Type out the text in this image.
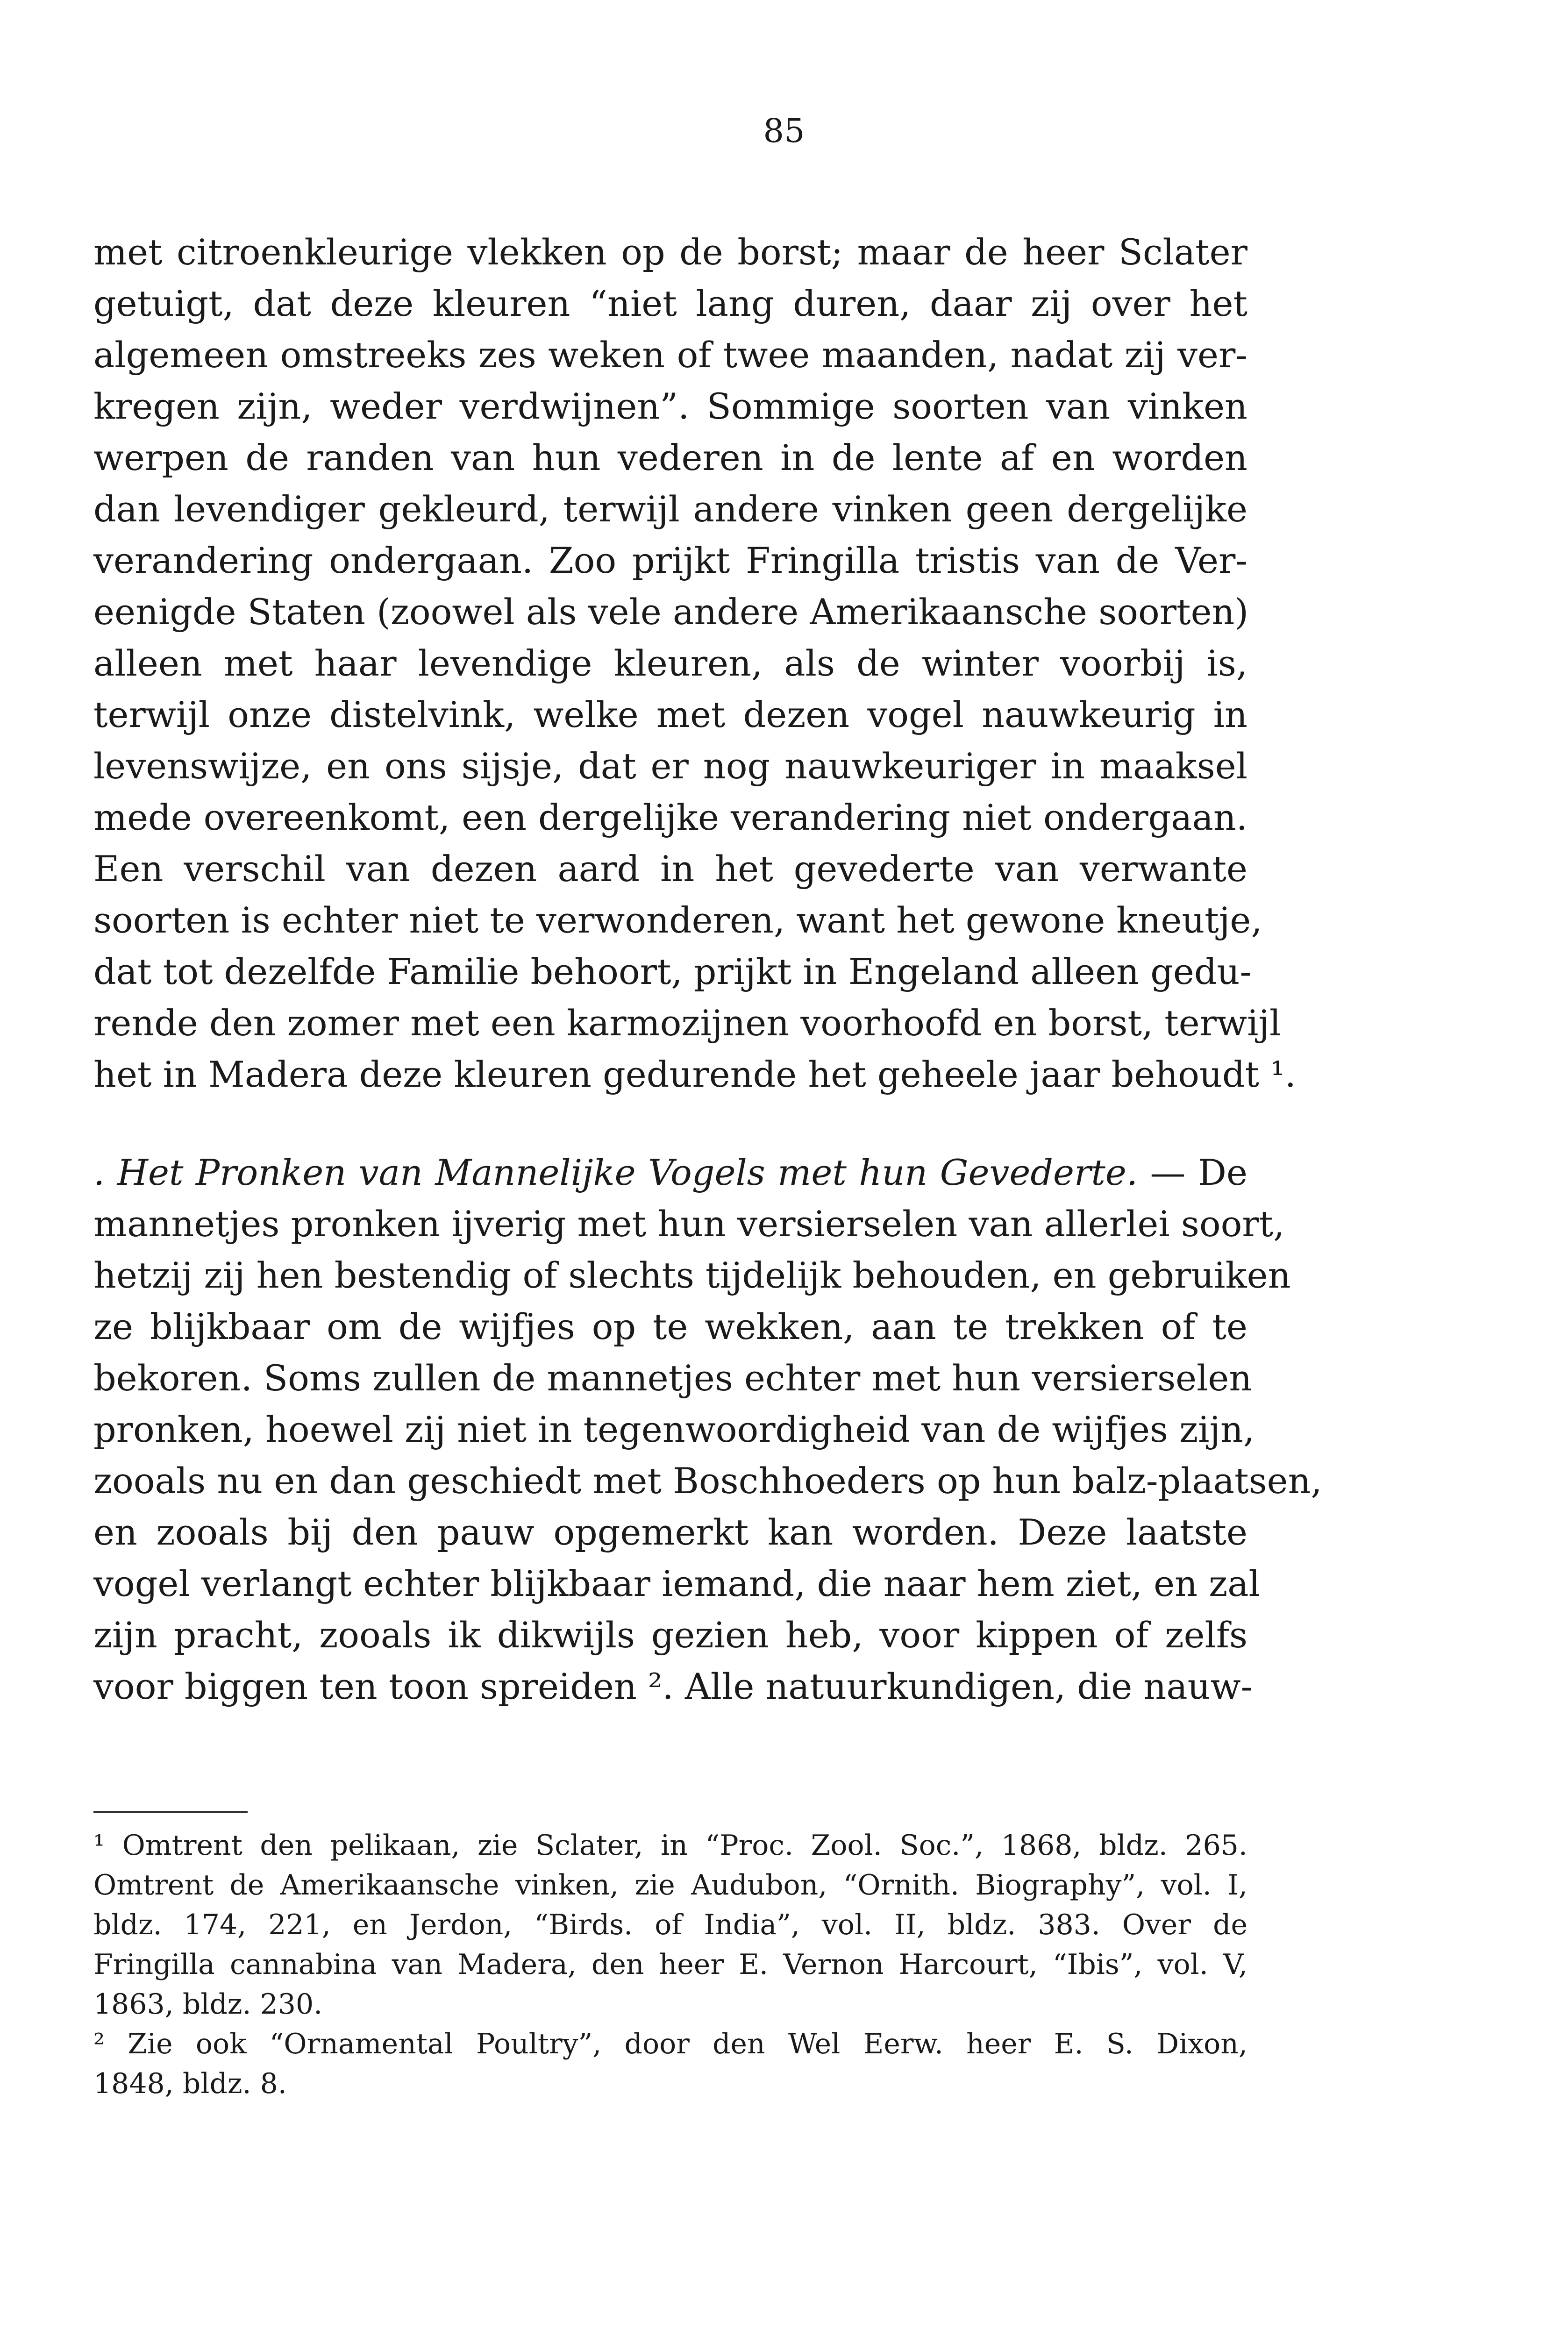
85
met citroenkleurige vlekken op de borst; maar de heer Sclater
getuigt, dat deze kleuren “niet lang duren, daar zij over het
algemeen omstreeks zes weken of twee maanden, nadat zij ver-
kregen zijn, weder verdwijnen”. Sommige soorten van vinken
werpen de randen van hun vederen in de lente af en worden
dan levendiger gekleurd, terwijl andere vinken geen dergelijke
verandering ondergaan. Zoo prijkt Fringilla tristis van de Ver-
eenigde Staten (zoowel als vele andere Amerikaansche soorten)
alleen met haar levendige kleuren, als de winter voorbij is,
terwijl onze distelvink, welke met dezen vogel nauwkeurig in
levenswijze, en ons sijsje, dat er nog nauwkeuriger in maaksel
mede overeenkomt, een dergelijke verandering niet ondergaan.
Een verschil van dezen aard in het gevederte van verwante
soorten is echter niet te verwonderen, want het gewone kneutje,
dat tot dezelfde Familie behoort, prijkt in Engeland alleen gedu-
rende den zomer met een karmozijnen voorhoofd en borst, terwijl
het in Madera deze kleuren gedurende het geheele jaar behoudt ¹.
. Het Pronken van Mannelijke Vogels met hun Gevederte. — De
mannetjes pronken ijverig met hun versierselen van allerlei soort,
hetzij zij hen bestendig of slechts tijdelijk behouden, en gebruiken
ze blijkbaar om de wijfjes op te wekken, aan te trekken of te
bekoren. Soms zullen de mannetjes echter met hun versierselen
pronken, hoewel zij niet in tegenwoordigheid van de wijfjes zijn,
zooals nu en dan geschiedt met Boschhoeders op hun balz-plaatsen,
en zooals bij den pauw opgemerkt kan worden. Deze laatste
vogel verlangt echter blijkbaar iemand, die naar hem ziet, en zal
zijn pracht, zooals ik dikwijls gezien heb, voor kippen of zelfs
voor biggen ten toon spreiden ². Alle natuurkundigen, die nauw-
¹ Omtrent den pelikaan, zie Sclater, in “Proc. Zool. Soc.”, 1868, bldz. 265.
Omtrent de Amerikaansche vinken, zie Audubon, “Ornith. Biography”, vol. I,
bldz. 174, 221, en Jerdon, “Birds. of India”, vol. II, bldz. 383. Over de
Fringilla cannabina van Madera, den heer E. Vernon Harcourt, “Ibis”, vol. V,
1863, bldz. 230.
² Zie ook “Ornamental Poultry”, door den Wel Eerw. heer E. S. Dixon,
1848, bldz. 8.
